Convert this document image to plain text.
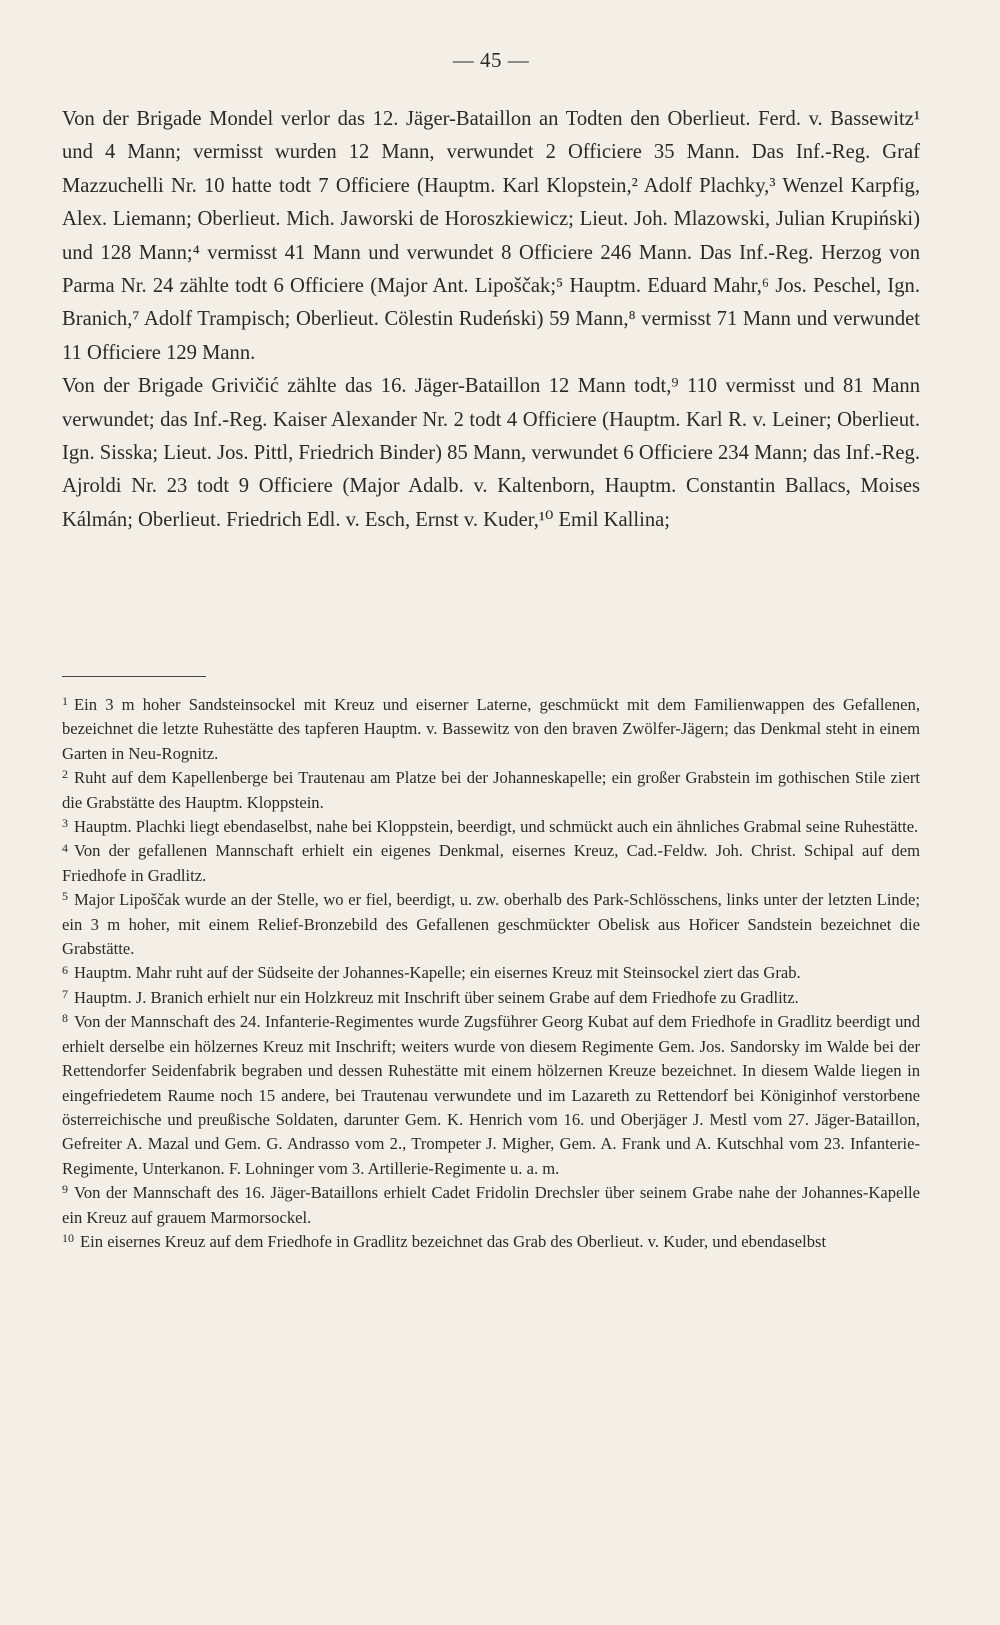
— 45 —

Von der Brigade Mondel verlor das 12. Jäger-Bataillon an Todten den Oberlieut. Ferd. v. Bassewitz¹ und 4 Mann; vermisst wurden 12 Mann, verwundet 2 Officiere 35 Mann. Das Inf.-Reg. Graf Mazzuchelli Nr. 10 hatte todt 7 Officiere (Hauptm. Karl Klopstein,² Adolf Plachky,³ Wenzel Karpfig, Alex. Liemann; Oberlieut. Mich. Jaworski de Horoszkiewicz; Lieut. Joh. Mlazowski, Julian Krupiński) und 128 Mann;⁴ vermisst 41 Mann und verwundet 8 Officiere 246 Mann. Das Inf.-Reg. Herzog von Parma Nr. 24 zählte todt 6 Officiere (Major Ant. Lipoščak;⁵ Hauptm. Eduard Mahr,⁶ Jos. Peschel, Ign. Branich,⁷ Adolf Trampisch; Oberlieut. Cölestin Rudeński) 59 Mann,⁸ vermisst 71 Mann und verwundet 11 Officiere 129 Mann.

Von der Brigade Grivičić zählte das 16. Jäger-Bataillon 12 Mann todt,⁹ 110 vermisst und 81 Mann verwundet; das Inf.-Reg. Kaiser Alexander Nr. 2 todt 4 Officiere (Hauptm. Karl R. v. Leiner; Oberlieut. Ign. Sisska; Lieut. Jos. Pittl, Friedrich Binder) 85 Mann, verwundet 6 Officiere 234 Mann; das Inf.-Reg. Ajroldi Nr. 23 todt 9 Officiere (Major Adalb. v. Kaltenborn, Hauptm. Constantin Ballacs, Moises Kálmán; Oberlieut. Friedrich Edl. v. Esch, Ernst v. Kuder,¹⁰ Emil Kallina;

$^1$ Ein 3 m hoher Sandsteinsockel mit Kreuz und eiserner Laterne, geschmückt mit dem Familienwappen des Gefallenen, bezeichnet die letzte Ruhestätte des tapferen Hauptm. v. Bassewitz von den braven Zwölfer-Jägern; das Denkmal steht in einem Garten in Neu-Rognitz.

$^2$ Ruht auf dem Kapellenberge bei Trautenau am Platze bei der Johanneskapelle; ein großer Grabstein im gothischen Stile ziert die Grabstätte des Hauptm. Kloppstein.

$^3$ Hauptm. Plachki liegt ebendaselbst, nahe bei Kloppstein, beerdigt, und schmückt auch ein ähnliches Grabmal seine Ruhestätte.

$^4$ Von der gefallenen Mannschaft erhielt ein eigenes Denkmal, eisernes Kreuz, Cad.-Feldw. Joh. Christ. Schipal auf dem Friedhofe in Gradlitz.

$^5$ Major Lipoščak wurde an der Stelle, wo er fiel, beerdigt, u. zw. oberhalb des Park-Schlösschens, links unter der letzten Linde; ein 3 m hoher, mit einem Relief-Bronzebild des Gefallenen geschmückter Obelisk aus Hořicer Sandstein bezeichnet die Grabstätte.

$^6$ Hauptm. Mahr ruht auf der Südseite der Johannes-Kapelle; ein eisernes Kreuz mit Steinsockel ziert das Grab.

$^7$ Hauptm. J. Branich erhielt nur ein Holzkreuz mit Inschrift über seinem Grabe auf dem Friedhofe zu Gradlitz.

$^8$ Von der Mannschaft des 24. Infanterie-Regimentes wurde Zugsführer Georg Kubat auf dem Friedhofe in Gradlitz beerdigt und erhielt derselbe ein hölzernes Kreuz mit Inschrift; weiters wurde von diesem Regimente Gem. Jos. Sandorsky im Walde bei der Rettendorfer Seidenfabrik begraben und dessen Ruhestätte mit einem hölzernen Kreuze bezeichnet. In diesem Walde liegen in eingefriedetem Raume noch 15 andere, bei Trautenau verwundete und im Lazareth zu Rettendorf bei Königinhof verstorbene österreichische und preußische Soldaten, darunter Gem. K. Henrich vom 16. und Oberjäger J. Mestl vom 27. Jäger-Bataillon, Gefreiter A. Mazal und Gem. G. Andrasso vom 2., Trompeter J. Migher, Gem. A. Frank und A. Kutschhal vom 23. Infanterie-Regimente, Unterkanon. F. Lohninger vom 3. Artillerie-Regimente u. a. m.

$^9$ Von der Mannschaft des 16. Jäger-Bataillons erhielt Cadet Fridolin Drechsler über seinem Grabe nahe der Johannes-Kapelle ein Kreuz auf grauem Marmorsockel.

$^{10}$ Ein eisernes Kreuz auf dem Friedhofe in Gradlitz bezeichnet das Grab des Oberlieut. v. Kuder, und ebendaselbst
